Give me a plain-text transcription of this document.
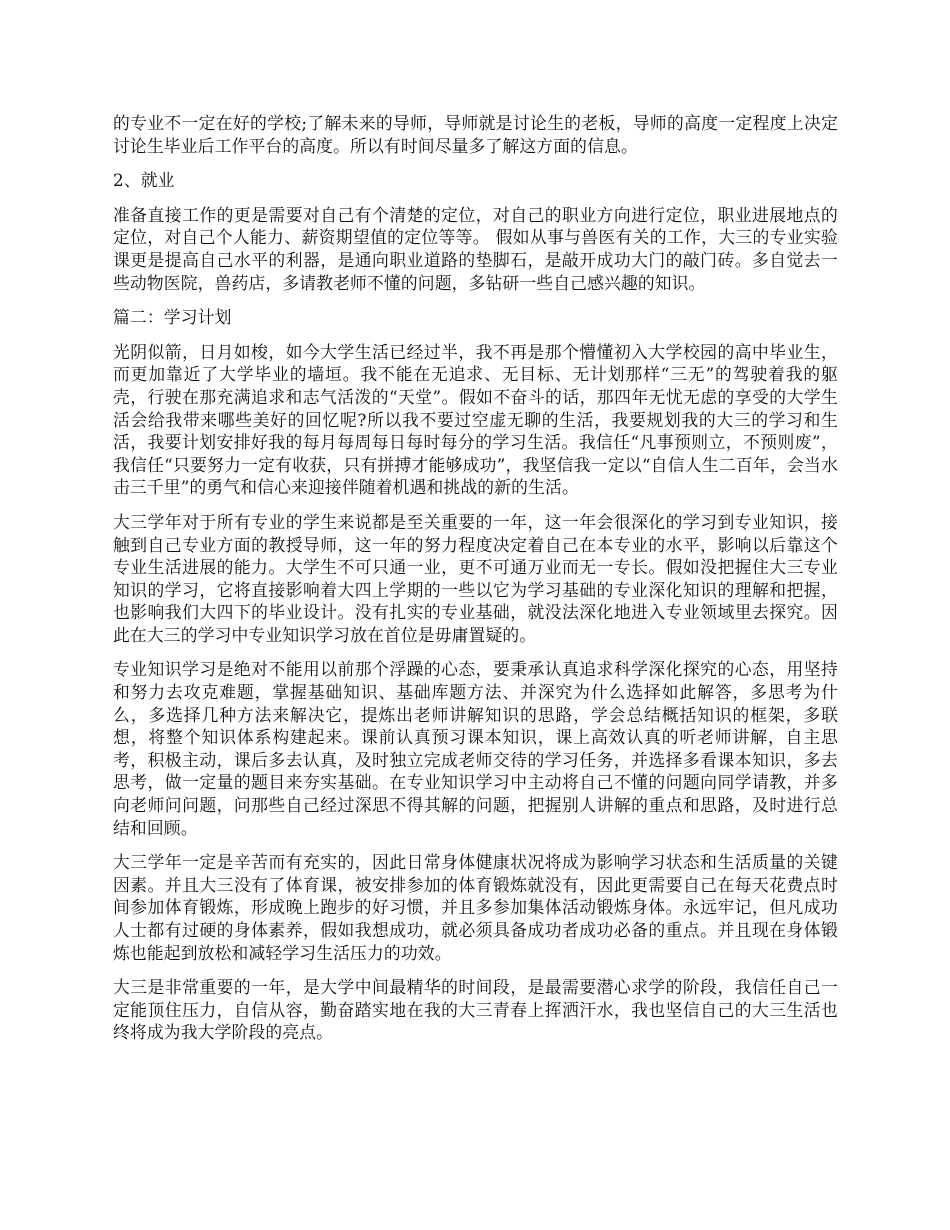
的专业不一定在好的学校;了解未来的导师，导师就是讨论生的老板，导师的高度一定程度上决定讨论生毕业后工作平台的高度。所以有时间尽量多了解这方面的信息。

2、就业

准备直接工作的更是需要对自己有个清楚的定位，对自己的职业方向进行定位，职业进展地点的定位，对自己个人能力、薪资期望值的定位等等。 假如从事与兽医有关的工作，大三的专业实验课更是提高自己水平的利器，是通向职业道路的垫脚石，是敲开成功大门的敲门砖。多自觉去一些动物医院，兽药店，多请教老师不懂的问题，多钻研一些自己感兴趣的知识。

篇二：学习计划

光阴似箭，日月如梭，如今大学生活已经过半，我不再是那个懵懂初入大学校园的高中毕业生，而更加靠近了大学毕业的墙垣。我不能在无追求、无目标、无计划那样“三无”的驾驶着我的躯壳，行驶在那充满追求和志气活泼的“天堂”。假如不奋斗的话，那四年无忧无虑的享受的大学生活会给我带来哪些美好的回忆呢?所以我不要过空虚无聊的生活，我要规划我的大三的学习和生活，我要计划安排好我的每月每周每日每时每分的学习生活。我信任“凡事预则立，不预则废”，我信任“只要努力一定有收获，只有拼搏才能够成功”，我坚信我一定以“自信人生二百年，会当水击三千里”的勇气和信心来迎接伴随着机遇和挑战的新的生活。

大三学年对于所有专业的学生来说都是至关重要的一年，这一年会很深化的学习到专业知识，接触到自己专业方面的教授导师，这一年的努力程度决定着自己在本专业的水平，影响以后靠这个专业生活进展的能力。大学生不可只通一业，更不可通万业而无一专长。假如没把握住大三专业知识的学习，它将直接影响着大四上学期的一些以它为学习基础的专业深化知识的理解和把握，也影响我们大四下的毕业设计。没有扎实的专业基础，就没法深化地进入专业领域里去探究。因此在大三的学习中专业知识学习放在首位是毋庸置疑的。

专业知识学习是绝对不能用以前那个浮躁的心态，要秉承认真追求科学深化探究的心态，用坚持和努力去攻克难题，掌握基础知识、基础库题方法、并深究为什么选择如此解答，多思考为什么，多选择几种方法来解决它，提炼出老师讲解知识的思路，学会总结概括知识的框架，多联想，将整个知识体系构建起来。课前认真预习课本知识，课上高效认真的听老师讲解，自主思考，积极主动，课后多去认真，及时独立完成老师交待的学习任务，并选择多看课本知识，多去思考，做一定量的题目来夯实基础。在专业知识学习中主动将自己不懂的问题向同学请教，并多向老师问问题，问那些自己经过深思不得其解的问题，把握别人讲解的重点和思路，及时进行总结和回顾。

大三学年一定是辛苦而有充实的，因此日常身体健康状况将成为影响学习状态和生活质量的关键因素。并且大三没有了体育课，被安排参加的体育锻炼就没有，因此更需要自己在每天花费点时间参加体育锻炼，形成晚上跑步的好习惯，并且多参加集体活动锻炼身体。永远牢记，但凡成功人士都有过硬的身体素养，假如我想成功，就必须具备成功者成功必备的重点。并且现在身体锻炼也能起到放松和减轻学习生活压力的功效。

大三是非常重要的一年，是大学中间最精华的时间段，是最需要潜心求学的阶段，我信任自己一定能顶住压力，自信从容，勤奋踏实地在我的大三青春上挥洒汗水，我也坚信自己的大三生活也终将成为我大学阶段的亮点。
